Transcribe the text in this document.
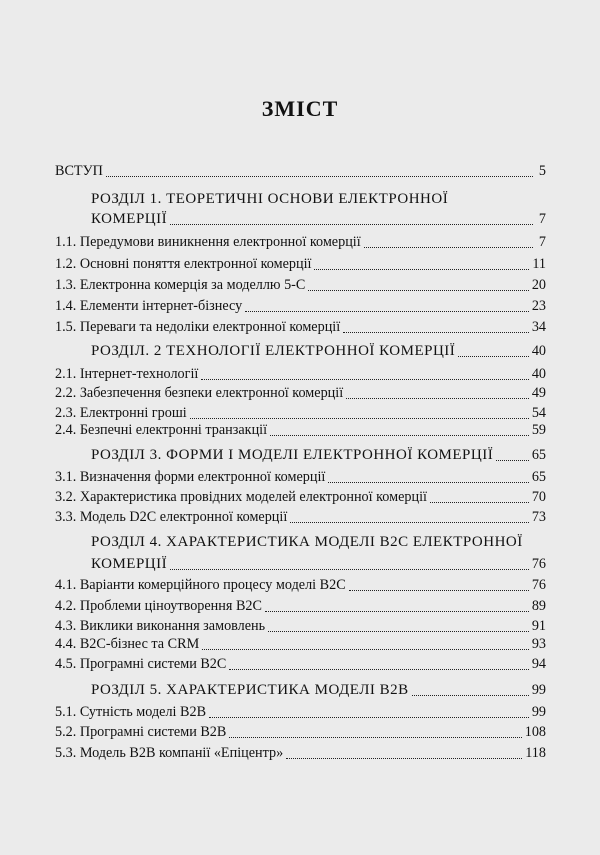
ЗМІСТ
ВСТУП	5
РОЗДІЛ 1. ТЕОРЕТИЧНІ ОСНОВИ ЕЛЕКТРОННОЇ
КОМЕРЦІЇ	7
1.1. Передумови виникнення електронної комерції	7
1.2. Основні поняття електронної комерції	11
1.3. Електронна комерція за моделлю 5-С	20
1.4. Елементи інтернет-бізнесу	23
1.5. Переваги та недоліки електронної комерції	34
РОЗДІЛ. 2 ТЕХНОЛОГІЇ ЕЛЕКТРОННОЇ КОМЕРЦІЇ	40
2.1. Інтернет-технології	40
2.2. Забезпечення безпеки електронної комерції	49
2.3. Електронні гроші	54
2.4. Безпечні електронні транзакції	59
РОЗДІЛ 3. ФОРМИ І МОДЕЛІ ЕЛЕКТРОННОЇ КОМЕРЦІЇ	65
3.1. Визначення форми електронної комерції	65
3.2. Характеристика провідних моделей електронної комерції	70
3.3. Модель D2C електронної комерції	73
РОЗДІЛ 4. ХАРАКТЕРИСТИКА МОДЕЛІ B2C ЕЛЕКТРОННОЇ
КОМЕРЦІЇ	76
4.1. Варіанти комерційного процесу моделі B2C	76
4.2. Проблеми ціноутворення B2C	89
4.3. Виклики виконання замовлень	91
4.4. B2C-бізнес та CRM	93
4.5. Програмні системи B2C	94
РОЗДІЛ 5. ХАРАКТЕРИСТИКА МОДЕЛІ B2B	99
5.1. Сутність моделі B2B	99
5.2. Програмні системи B2B	108
5.3. Модель B2B компанії «Епіцентр»	118
